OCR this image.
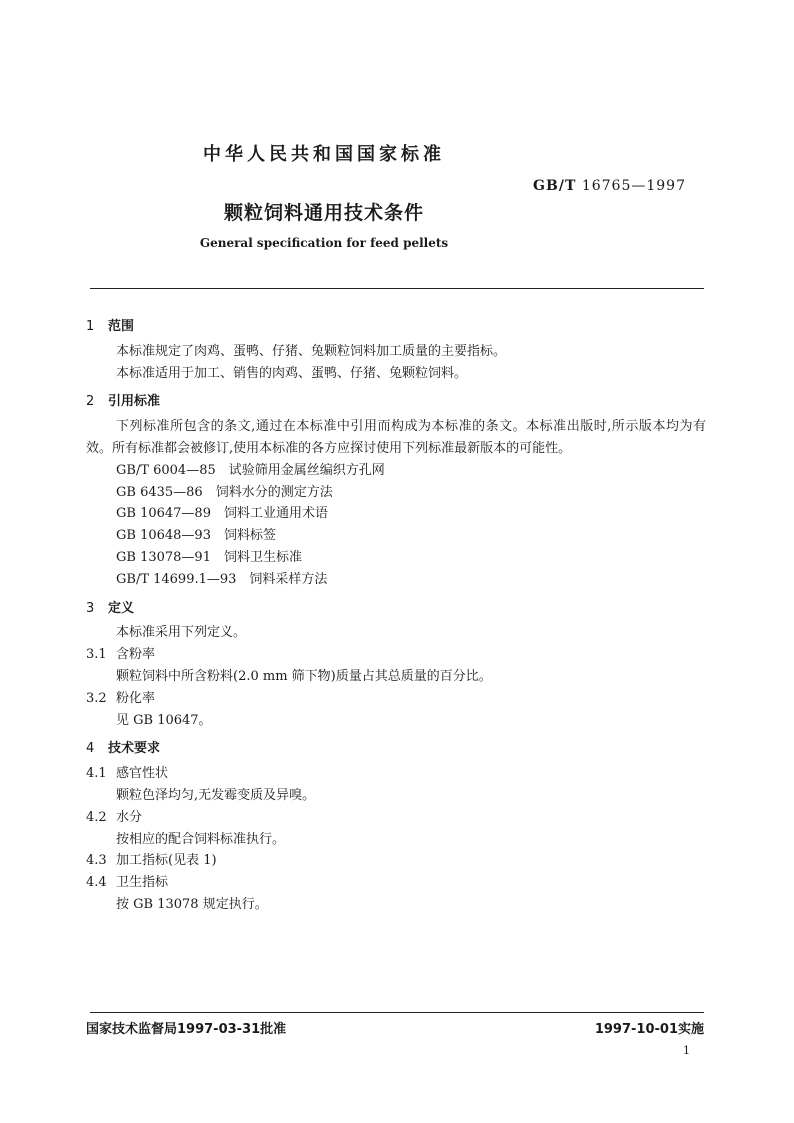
中华人民共和国国家标准
GB/T 16765—1997
颗粒饲料通用技术条件
General specification for feed pellets

1 范围

本标准规定了肉鸡、蛋鸭、仔猪、兔颗粒饲料加工质量的主要指标。

本标准适用于加工、销售的肉鸡、蛋鸭、仔猪、兔颗粒饲料。

2 引用标准

下列标准所包含的条文,通过在本标准中引用而构成为本标准的条文。本标准出版时,所示版本均为有效。所有标准都会被修订,使用本标准的各方应探讨使用下列标准最新版本的可能性。

GB/T 6004—85　试验筛用金属丝编织方孔网

GB 6435—86　饲料水分的测定方法

GB 10647—89　饲料工业通用术语

GB 10648—93　饲料标签

GB 13078—91　饲料卫生标准

GB/T 14699.1—93　饲料采样方法

3 定义

本标准采用下列定义。

3.1 含粉率

颗粒饲料中所含粉料(2.0 mm 筛下物)质量占其总质量的百分比。

3.2 粉化率

见 GB 10647。

4 技术要求

4.1 感官性状

颗粒色泽均匀,无发霉变质及异嗅。

4.2 水分

按相应的配合饲料标准执行。

4.3 加工指标(见表 1)

4.4 卫生指标

按 GB 13078 规定执行。

国家技术监督局1997-03-31批准	1997-10-01实施
1
